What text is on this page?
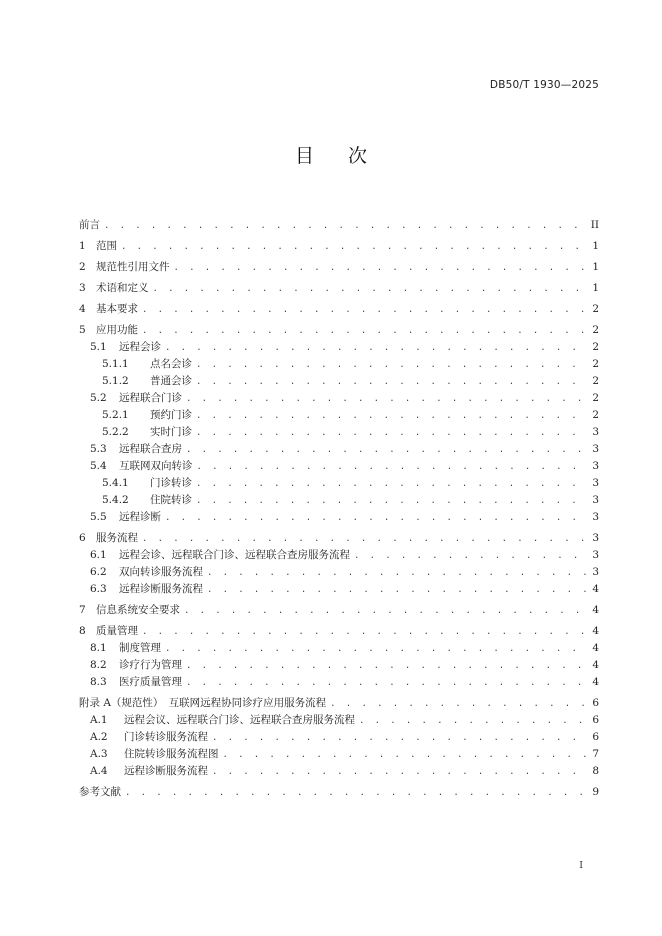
DB50/T 1930—2025
目次
前言 . . .	II
1 范围 . . .	1
2 规范性引用文件 . . .	1
3 术语和定义 . . .	1
4 基本要求 . . .	2
5 应用功能 . . .	2
5.1	远程会诊 . . .	2
5.1.1	点名会诊 . . .	2
5.1.2	普通会诊 . . .	2
5.2	远程联合门诊 . . .	2
5.2.1	预约门诊 . . .	2
5.2.2	实时门诊 . . .	3
5.3	远程联合查房 . . .	3
5.4	互联网双向转诊 . . .	3
5.4.1	门诊转诊 . . .	3
5.4.2	住院转诊 . . .	3
5.5	远程诊断 . . .	3
6 服务流程 . . .	3
6.1	远程会诊、远程联合门诊、远程联合查房服务流程 . . .	3
6.2	双向转诊服务流程 . . .	3
6.3	远程诊断服务流程 . . .	4
7 信息系统安全要求 . . .	4
8 质量管理 . . .	4
8.1	制度管理 . . .	4
8.2	诊疗行为管理 . . .	4
8.3	医疗质量管理 . . .	4
附录 A（规范性）　互联网远程协同诊疗应用服务流程 . . .	6
A.1	远程会议、远程联合门诊、远程联合查房服务流程 . . .	6
A.2	门诊转诊服务流程 . . .	6
A.3	住院转诊服务流程图 . . .	7
A.4	远程诊断服务流程 . . .	8
参考文献 . . .	9
I
